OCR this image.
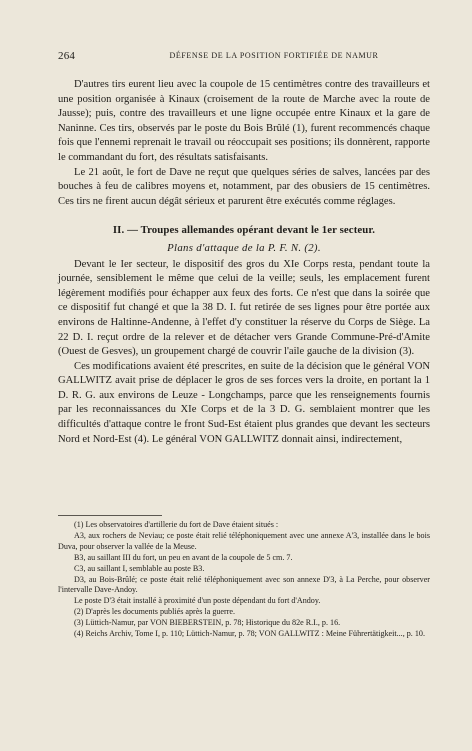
264	DÉFENSE DE LA POSITION FORTIFIÉE DE NAMUR

D'autres tirs eurent lieu avec la coupole de 15 centimètres contre des travailleurs et une position organisée à Kinaux (croisement de la route de Marche avec la route de Jausse); puis, contre des travailleurs et une ligne occupée entre Kinaux et la gare de Naninne. Ces tirs, observés par le poste du Bois Brûlé (1), furent recommencés chaque fois que l'ennemi reprenait le travail ou réoccupait ses positions; ils donnèrent, rapporte le commandant du fort, des résultats satisfaisants.

Le 21 août, le fort de Dave ne reçut que quelques séries de salves, lancées par des bouches à feu de calibres moyens et, notamment, par des obusiers de 15 centimètres. Ces tirs ne firent aucun dégât sérieux et parurent être exécutés comme réglages.

II. — Troupes allemandes opérant devant le 1er secteur.
Plans d'attaque de la P. F. N. (2).

Devant le Ier secteur, le dispositif des gros du XIe Corps resta, pendant toute la journée, sensiblement le même que celui de la veille; seuls, les emplacement furent légèrement modifiés pour échapper aux feux des forts. Ce n'est que dans la soirée que ce dispositif fut changé et que la 38 D. I. fut retirée de ses lignes pour être portée aux environs de Haltinne-Andenne, à l'effet d'y constituer la réserve du Corps de Siège. La 22 D. I. reçut ordre de la relever et de détacher vers Grande Commune-Pré-d'Amite (Ouest de Gesves), un groupement chargé de couvrir l'aile gauche de la division (3).

Ces modifications avaient été prescrites, en suite de la décision que le général VON GALLWITZ avait prise de déplacer le gros de ses forces vers la droite, en portant la 1 D. R. G. aux environs de Leuze - Longchamps, parce que les renseignements fournis par les reconnaissances du XIe Corps et de la 3 D. G. semblaient montrer que les difficultés d'attaque contre le front Sud-Est étaient plus grandes que devant les secteurs Nord et Nord-Est (4). Le général VON GALLWITZ donnait ainsi, indirectement,

(1) Les observatoires d'artillerie du fort de Dave étaient situés :

A3, aux rochers de Neviau; ce poste était relié téléphoniquement avec une annexe A'3, installée dans le bois Duva, pour observer la vallée de la Meuse.

B3, au saillant III du fort, un peu en avant de la coupole de 5 cm. 7.

C3, au saillant I, semblable au poste B3.

D3, au Bois-Brûlé; ce poste était relié téléphoniquement avec son annexe D'3, à La Perche, pour observer l'intervalle Dave-Andoy.

Le poste D'3 était installé à proximité d'un poste dépendant du fort d'Andoy.

(2) D'après les documents publiés après la guerre.

(3) Lüttich-Namur, par VON BIEBERSTEIN, p. 78; Historique du 82e R.I., p. 16.

(4) Reichs Archiv, Tome I, p. 110; Lüttich-Namur, p. 78; VON GALLWITZ : Meine Führertätigkeit..., p. 10.
